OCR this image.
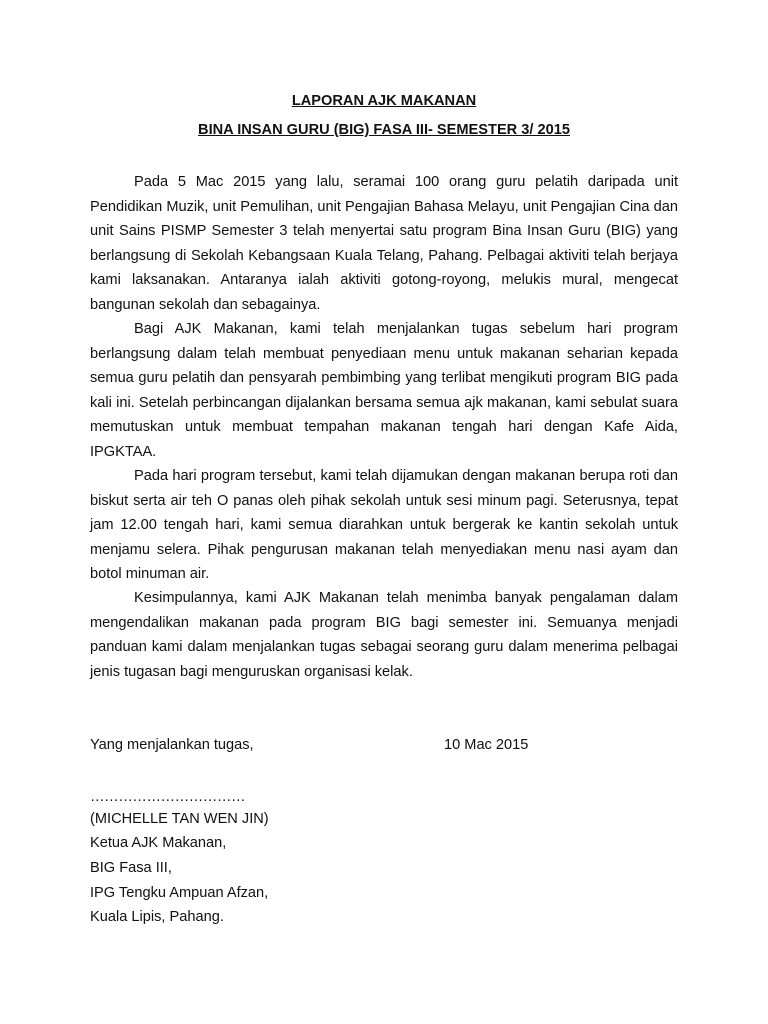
LAPORAN AJK MAKANAN
BINA INSAN GURU (BIG) FASA III- SEMESTER 3/ 2015

Pada 5 Mac 2015 yang lalu, seramai 100 orang guru pelatih daripada unit Pendidikan Muzik, unit Pemulihan, unit Pengajian Bahasa Melayu, unit Pengajian Cina dan unit Sains PISMP Semester 3 telah menyertai satu program Bina Insan Guru (BIG) yang berlangsung di Sekolah Kebangsaan Kuala Telang, Pahang. Pelbagai aktiviti telah berjaya kami laksanakan. Antaranya ialah aktiviti gotong-royong, melukis mural, mengecat bangunan sekolah dan sebagainya.

Bagi AJK Makanan, kami telah menjalankan tugas sebelum hari program berlangsung dalam telah membuat penyediaan menu untuk makanan seharian kepada semua guru pelatih dan pensyarah pembimbing yang terlibat mengikuti program BIG pada kali ini. Setelah perbincangan dijalankan bersama semua ajk makanan, kami sebulat suara memutuskan untuk membuat tempahan makanan tengah hari dengan Kafe Aida, IPGKTAA.

Pada hari program tersebut, kami telah dijamukan dengan makanan berupa roti dan biskut serta air teh O panas oleh pihak sekolah untuk sesi minum pagi. Seterusnya, tepat jam 12.00 tengah hari, kami semua diarahkan untuk bergerak ke kantin sekolah untuk menjamu selera. Pihak pengurusan makanan telah menyediakan menu nasi ayam dan botol minuman air.

Kesimpulannya, kami AJK Makanan telah menimba banyak pengalaman dalam mengendalikan makanan pada program BIG bagi semester ini. Semuanya menjadi panduan kami dalam menjalankan tugas sebagai seorang guru dalam menerima pelbagai jenis tugasan bagi menguruskan organisasi kelak.

Yang menjalankan tugas,	10 Mac 2015
……………………………
(MICHELLE TAN WEN JIN)
Ketua AJK Makanan,
BIG Fasa III,
IPG Tengku Ampuan Afzan,
Kuala Lipis, Pahang.
